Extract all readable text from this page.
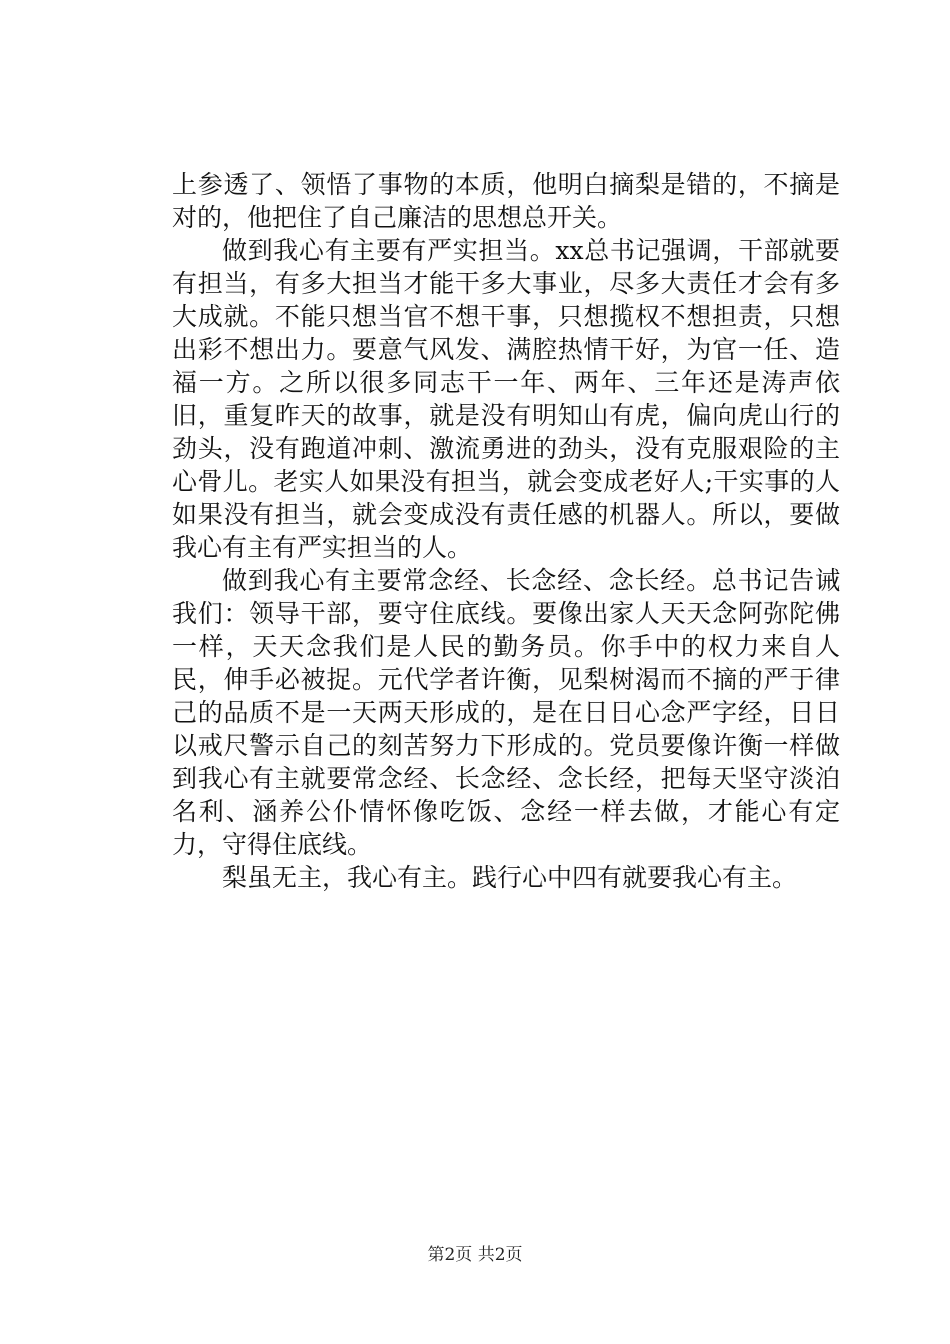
上参透了、领悟了事物的本质，他明白摘梨是错的，不摘是对的，他把住了自己廉洁的思想总开关。

做到我心有主要有严实担当。xx总书记强调，干部就要有担当，有多大担当才能干多大事业，尽多大责任才会有多大成就。不能只想当官不想干事，只想揽权不想担责，只想出彩不想出力。要意气风发、满腔热情干好，为官一任、造福一方。之所以很多同志干一年、两年、三年还是涛声依旧，重复昨天的故事，就是没有明知山有虎，偏向虎山行的劲头，没有跑道冲刺、激流勇进的劲头，没有克服艰险的主心骨儿。老实人如果没有担当，就会变成老好人;干实事的人如果没有担当，就会变成没有责任感的机器人。所以，要做我心有主有严实担当的人。

做到我心有主要常念经、长念经、念长经。总书记告诫我们：领导干部，要守住底线。要像出家人天天念阿弥陀佛一样，天天念我们是人民的勤务员。你手中的权力来自人民，伸手必被捉。元代学者许衡，见梨树渴而不摘的严于律己的品质不是一天两天形成的，是在日日心念严字经，日日以戒尺警示自己的刻苦努力下形成的。党员要像许衡一样做到我心有主就要常念经、长念经、念长经，把每天坚守淡泊名利、涵养公仆情怀像吃饭、念经一样去做，才能心有定力，守得住底线。

梨虽无主，我心有主。践行心中四有就要我心有主。

第2页 共2页
